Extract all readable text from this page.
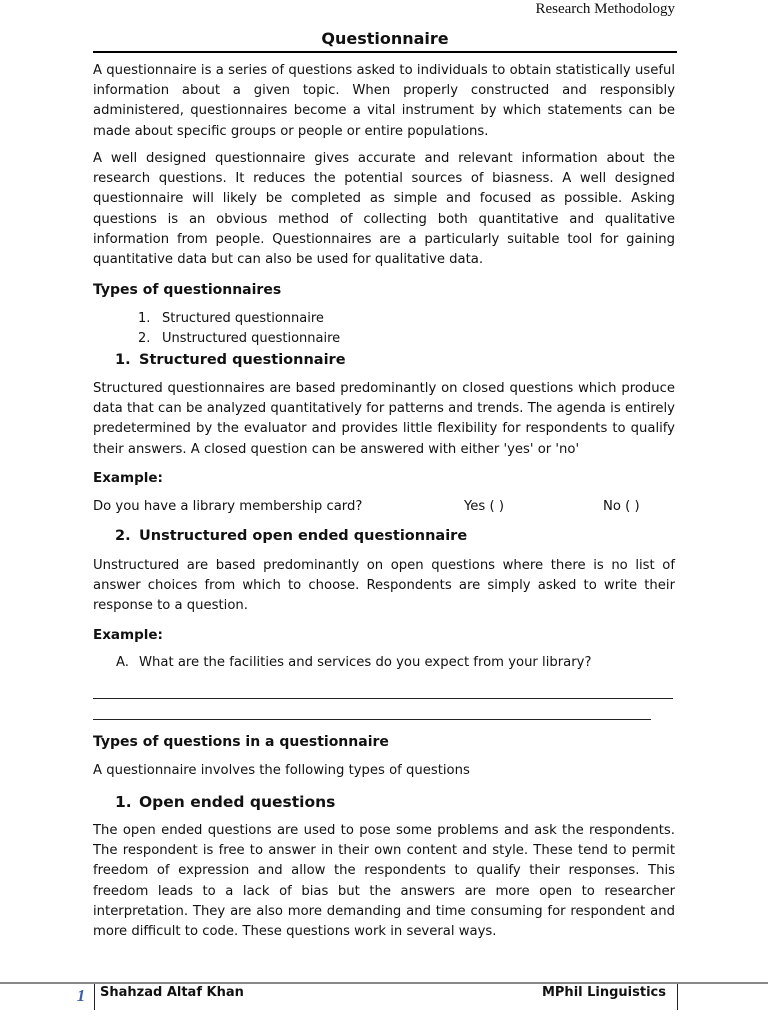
Research Methodology
Questionnaire

A questionnaire is a series of questions asked to individuals to obtain statistically useful information about a given topic. When properly constructed and responsibly administered, questionnaires become a vital instrument by which statements can be made about specific groups or people or entire populations.

A well designed questionnaire gives accurate and relevant information about the research questions. It reduces the potential sources of biasness. A well designed questionnaire will likely be completed as simple and focused as possible. Asking questions is an obvious method of collecting both quantitative and qualitative information from people. Questionnaires are a particularly suitable tool for gaining quantitative data but can also be used for qualitative data.

Types of questionnaires
1. Structured questionnaire
2. Unstructured questionnaire
1. Structured questionnaire

Structured questionnaires are based predominantly on closed questions which produce data that can be analyzed quantitatively for patterns and trends. The agenda is entirely predetermined by the evaluator and provides little flexibility for respondents to qualify their answers. A closed question can be answered with either 'yes' or 'no'

Example:
Do you have a library membership card?	Yes ( )	No ( )
2. Unstructured open ended questionnaire

Unstructured are based predominantly on open questions where there is no list of answer choices from which to choose. Respondents are simply asked to write their response to a question.

Example:
A. What are the facilities and services do you expect from your library?
Types of questions in a questionnaire

A questionnaire involves the following types of questions

1. Open ended questions

The open ended questions are used to pose some problems and ask the respondents. The respondent is free to answer in their own content and style. These tend to permit freedom of expression and allow the respondents to qualify their responses. This freedom leads to a lack of bias but the answers are more open to researcher interpretation. They are also more demanding and time consuming for respondent and more difficult to code. These questions work in several ways.

1	Shahzad Altaf Khan	MPhil Linguistics
